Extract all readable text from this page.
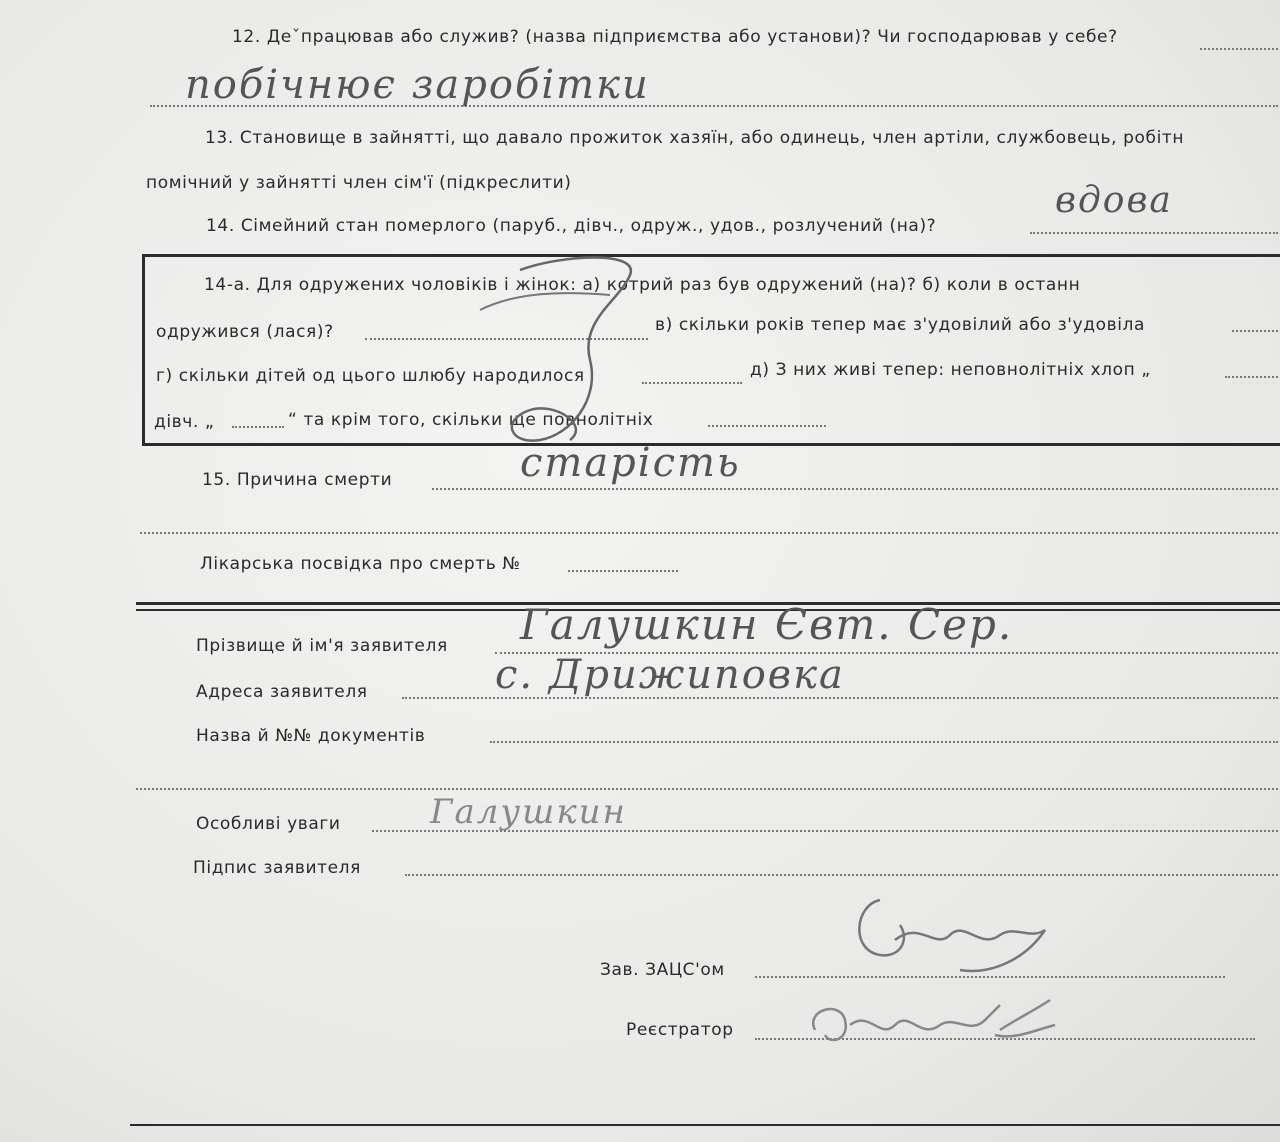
12. Деˇпрацював або служив? (назва підприємства або установи)? Чи господарював у себе?
побічнює заробітки
13. Становище в зайнятті, що давало прожиток хазяїн, або одинець, член артіли, службовець, робітн
помічний у зайнятті член сім'ї (підкреслити)
14. Сімейний стан померлого (паруб., дівч., одруж., удов., розлучений (на)?
вдова
14-а. Для одружених чоловіків і жінок: а) котрий раз був одружений (на)? б) коли в останн
одружився (лася)?	в) скільки років тепер має з'удовілий або з'удовіла
г) скільки дітей од цього шлюбу народилося	д) З них живі тепер: неповнолітніх хлоп „
дівч. „	“ та крім того, скільки ще повнолітніх
15. Причина смерти	старість
Лікарська посвідка про смерть №
Прізвище й ім'я заявителя Галушкин Євт. Сер.
Адреса заявителя	с. Дрижиповка
Назва й №№ документів
Особливі уваги	Галушкин
Підпис заявителя
Зав. ЗАЦС'ом
Реєстратор
